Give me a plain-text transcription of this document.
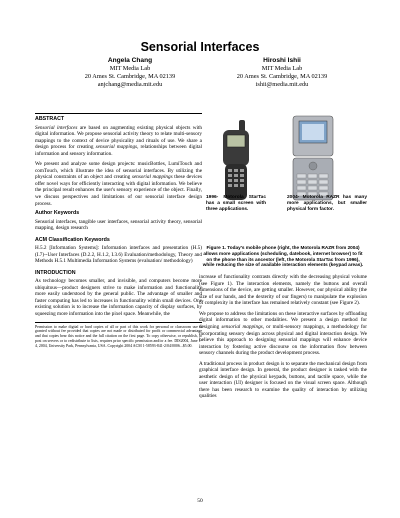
Sensorial Interfaces
Angela Chang
MIT Media Lab
20 Ames St. Cambridge, MA 02139
anjchang@media.mit.edu
Hiroshi Ishii
MIT Media Lab
20 Ames St. Cambridge, MA 02139
ishii@media.mit.edu
ABSTRACT

Sensorial interfaces are based on augmenting existing physical objects with digital information. We propose sensorial activity theory to relate multi-sensory mappings to the context of device physicality and rituals of use. We share a design process for creating sensorial mappings, relationships between digital information and sensory information.

We present and analyze some design projects: musicBottles, LumiTouch and comTouch, which illustrate the idea of sensorial interfaces. By utilizing the physical constraints of an object and creating sensorial mappings these devices offer novel ways for efficiently interacting with digital information. We believe the principal result enhances the user's sensory experience of the object. Finally, we discuss perspectives and limitations of our sensorial interface design process.

Author Keywords

Sensorial interfaces, tangible user interfaces, sensorial activity theory, sensorial mapping, design research

ACM Classification Keywords

H.5.2 [Information Systems]: Information interfaces and presentation (H.5) (I.7)--User Interfaces (D.2.2, H.1.2, I.3.6) Evaluation/methodology, Theory and Methods H.5.1 Multimedia Information Systems (evaluation/ methodology)

INTRODUCTION

As technology becomes smaller, and invisible, and computers become more ubiquitous—product designers strive to make information and functionality more easily understood by the general public. The advantage of smaller and faster computing has led to increases in functionality within small devices. One existing solution is to increase the information capacity of display surfaces, by squeezing more information into the pixel space. Meanwhile, the

Permission to make digital or hard copies of all or part of this work for personal or classroom use is granted without fee provided that copies are not made or distributed for profit or commercial advantage and that copies bear this notice and the full citation on the first page. To copy otherwise, or republish, to post on servers or to redistribute to lists, requires prior specific permission and/or a fee. DIS2004, June 1-4, 2004, University Park, Pennsylvania, USA. Copyright 2004 ACM 1-58593-841-2/04/0006...$5.00.
1996- Motorola StarTac has a small screen with three applications.
2004- Motorola RAZR has many more applications, but smaller physical form factor.
Figure 1. Today's mobile phone (right, the Motorola RAZR from 2004) allows more applications (scheduling, datebook, internet browser) to fit on the phone than its ancestor (left, the Motorola StarTac from 1996), while reducing the size of available interaction elements (keypad areas).

increase of functionality contrasts directly with the decreasing physical volume (see Figure 1). The interaction elements, namely the buttons and overall dimensions of the device, are getting smaller. However, our physical ability (the size of our hands, and the dexterity of our fingers) to manipulate the explosion of complexity in the interface has remained relatively constant (see Figure 2).

We propose to address the limitations on these interactive surfaces by offloading digital information to other modalities. We present a design method for designing sensorial mappings, or multi-sensory mappings, a methodology for incorporating sensory design across physical and digital interaction design. We believe this approach to designing sensorial mappings will enhance device interaction by fostering active discourse on the information flow between sensory channels during the product development process.

A traditional process in product design is to separate the mechanical design from graphical interface design. In general, the product designer is tasked with the aesthetic design of the physical keypads, buttons, and tactile space, while the user interaction (UI) designer is focused on the visual screen space. Although there has been research to examine the quality of interaction by utilizing qualities

50
